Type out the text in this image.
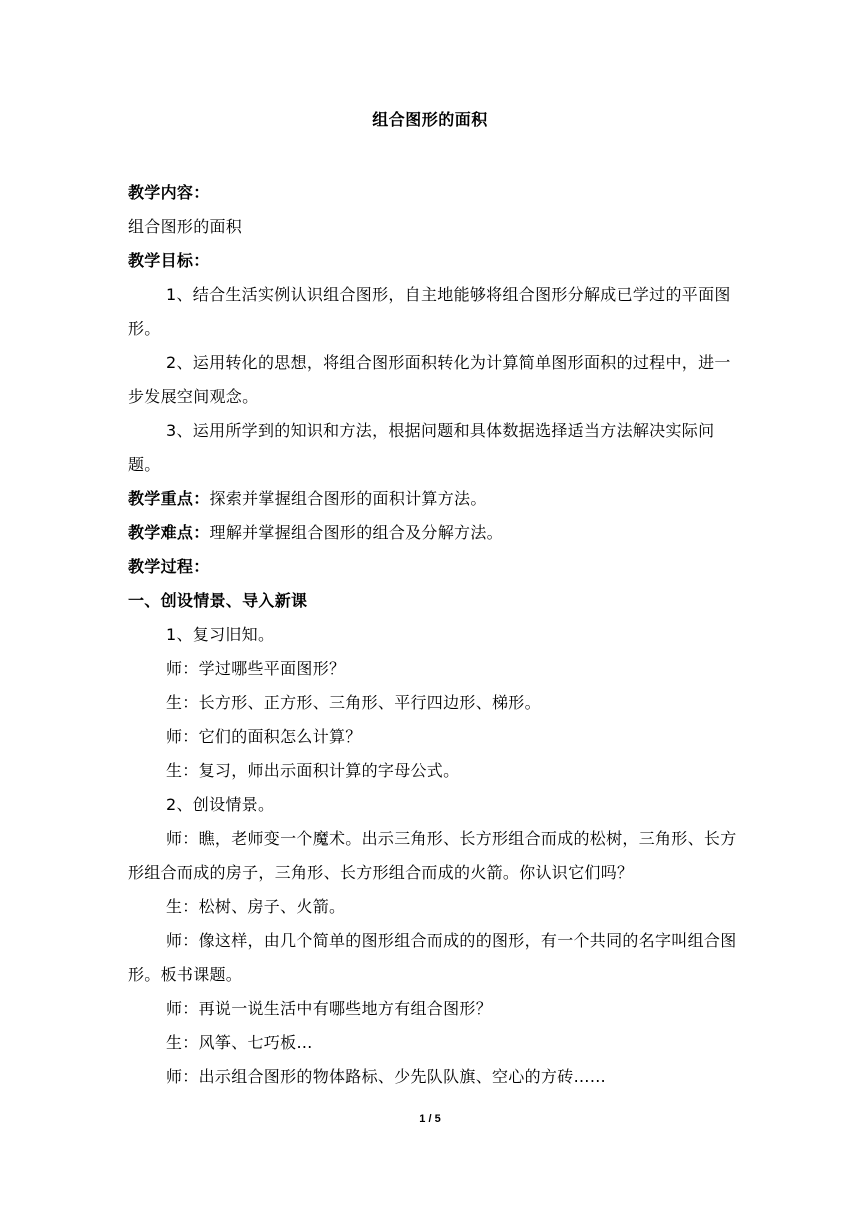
组合图形的面积

教学内容：

组合图形的面积

教学目标：

1、结合生活实例认识组合图形，自主地能够将组合图形分解成已学过的平面图形。

2、运用转化的思想，将组合图形面积转化为计算简单图形面积的过程中，进一步发展空间观念。

3、运用所学到的知识和方法，根据问题和具体数据选择适当方法解决实际问题。

教学重点：探索并掌握组合图形的面积计算方法。

教学难点：理解并掌握组合图形的组合及分解方法。

教学过程：

一、创设情景、导入新课

1、复习旧知。

师：学过哪些平面图形？

生：长方形、正方形、三角形、平行四边形、梯形。

师：它们的面积怎么计算？

生：复习，师出示面积计算的字母公式。

2、创设情景。

师：瞧，老师变一个魔术。出示三角形、长方形组合而成的松树，三角形、长方形组合而成的房子，三角形、长方形组合而成的火箭。你认识它们吗？

生：松树、房子、火箭。

师：像这样，由几个简单的图形组合而成的的图形，有一个共同的名字叫组合图形。板书课题。

师：再说一说生活中有哪些地方有组合图形？

生：风筝、七巧板…

师：出示组合图形的物体路标、少先队队旗、空心的方砖……

1 / 5
